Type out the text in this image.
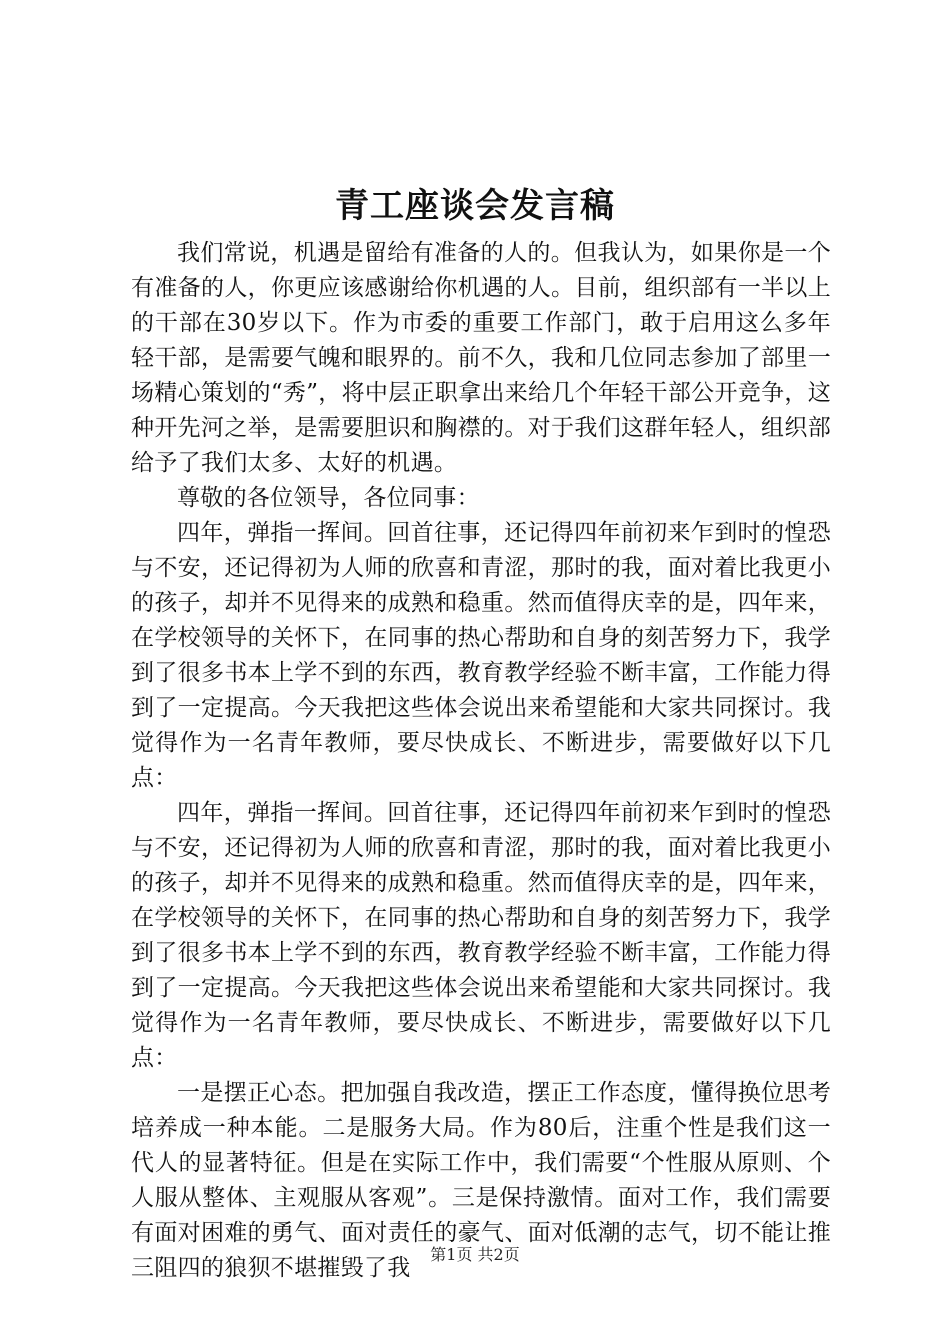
青工座谈会发言稿

我们常说，机遇是留给有准备的人的。但我认为，如果你是一个有准备的人，你更应该感谢给你机遇的人。目前，组织部有一半以上的干部在30岁以下。作为市委的重要工作部门，敢于启用这么多年轻干部，是需要气魄和眼界的。前不久，我和几位同志参加了部里一场精心策划的“秀”，将中层正职拿出来给几个年轻干部公开竞争，这种开先河之举，是需要胆识和胸襟的。对于我们这群年轻人，组织部给予了我们太多、太好的机遇。

尊敬的各位领导，各位同事：

四年，弹指一挥间。回首往事，还记得四年前初来乍到时的惶恐与不安，还记得初为人师的欣喜和青涩，那时的我，面对着比我更小的孩子，却并不见得来的成熟和稳重。然而值得庆幸的是，四年来，在学校领导的关怀下，在同事的热心帮助和自身的刻苦努力下，我学到了很多书本上学不到的东西，教育教学经验不断丰富，工作能力得到了一定提高。今天我把这些体会说出来希望能和大家共同探讨。我觉得作为一名青年教师，要尽快成长、不断进步，需要做好以下几点：

四年，弹指一挥间。回首往事，还记得四年前初来乍到时的惶恐与不安，还记得初为人师的欣喜和青涩，那时的我，面对着比我更小的孩子，却并不见得来的成熟和稳重。然而值得庆幸的是，四年来，在学校领导的关怀下，在同事的热心帮助和自身的刻苦努力下，我学到了很多书本上学不到的东西，教育教学经验不断丰富，工作能力得到了一定提高。今天我把这些体会说出来希望能和大家共同探讨。我觉得作为一名青年教师，要尽快成长、不断进步，需要做好以下几点：

一是摆正心态。把加强自我改造，摆正工作态度，懂得换位思考培养成一种本能。二是服务大局。作为80后，注重个性是我们这一代人的显著特征。但是在实际工作中，我们需要“个性服从原则、个人服从整体、主观服从客观”。三是保持激情。面对工作，我们需要有面对困难的勇气、面对责任的豪气、面对低潮的志气，切不能让推三阻四的狼狈不堪摧毁了我

第1页 共2页
